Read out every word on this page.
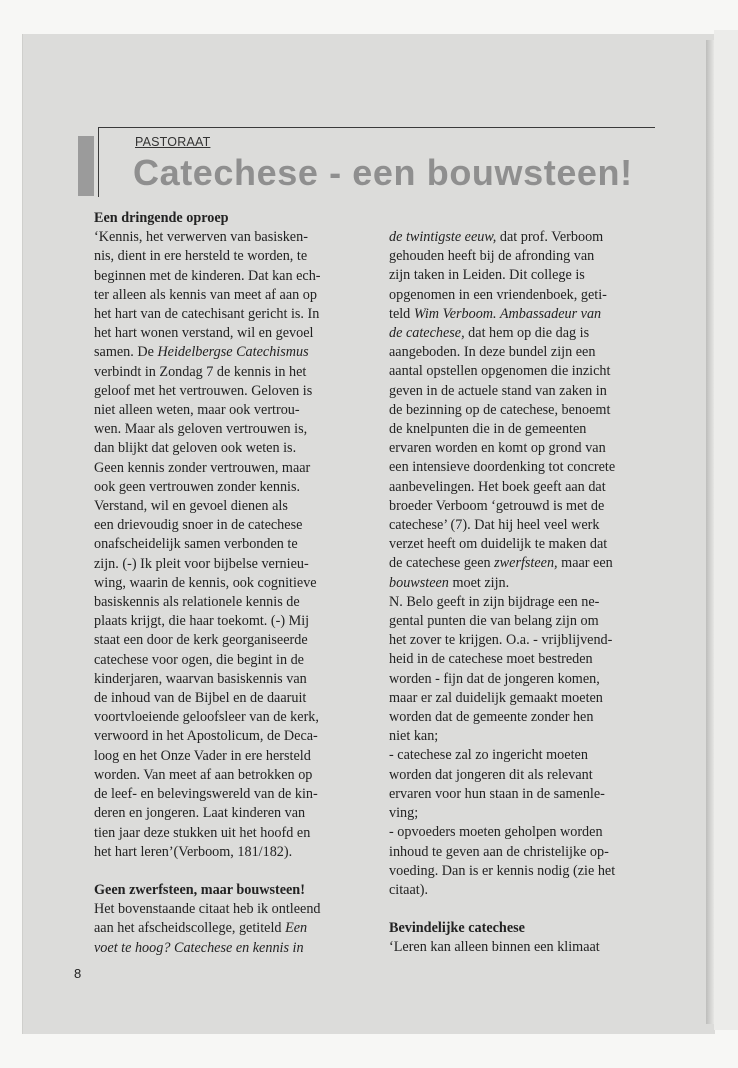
PASTORAAT
Catechese - een bouwsteen!
Een dringende oproep
‘Kennis, het verwerven van basisken-
nis, dient in ere hersteld te worden, te
beginnen met de kinderen. Dat kan ech-
ter alleen als kennis van meet af aan op
het hart van de catechisant gericht is. In
het hart wonen verstand, wil en gevoel
samen. De Heidelbergse Catechismus
verbindt in Zondag 7 de kennis in het
geloof met het vertrouwen. Geloven is
niet alleen weten, maar ook vertrou-
wen. Maar als geloven vertrouwen is,
dan blijkt dat geloven ook weten is.
Geen kennis zonder vertrouwen, maar
ook geen vertrouwen zonder kennis.
Verstand, wil en gevoel dienen als
een drievoudig snoer in de catechese
onafscheidelijk samen verbonden te
zijn. (-) Ik pleit voor bijbelse vernieu-
wing, waarin de kennis, ook cognitieve
basiskennis als relationele kennis de
plaats krijgt, die haar toekomt. (-) Mij
staat een door de kerk georganiseerde
catechese voor ogen, die begint in de
kinderjaren, waarvan basiskennis van
de inhoud van de Bijbel en de daaruit
voortvloeiende geloofsleer van de kerk,
verwoord in het Apostolicum, de Deca-
loog en het Onze Vader in ere hersteld
worden. Van meet af aan betrokken op
de leef- en belevingswereld van de kin-
deren en jongeren. Laat kinderen van
tien jaar deze stukken uit het hoofd en
het hart leren’(Verboom, 181/182).
Geen zwerfsteen, maar bouwsteen!
Het bovenstaande citaat heb ik ontleend
aan het afscheidscollege, getiteld Een
voet te hoog? Catechese en kennis in
de twintigste eeuw, dat prof. Verboom
gehouden heeft bij de afronding van
zijn taken in Leiden. Dit college is
opgenomen in een vriendenboek, geti-
teld Wim Verboom. Ambassadeur van
de catechese, dat hem op die dag is
aangeboden. In deze bundel zijn een
aantal opstellen opgenomen die inzicht
geven in de actuele stand van zaken in
de bezinning op de catechese, benoemt
de knelpunten die in de gemeenten
ervaren worden en komt op grond van
een intensieve doordenking tot concrete
aanbevelingen. Het boek geeft aan dat
broeder Verboom ‘getrouwd is met de
catechese’ (7). Dat hij heel veel werk
verzet heeft om duidelijk te maken dat
de catechese geen zwerfsteen, maar een
bouwsteen moet zijn.
N. Belo geeft in zijn bijdrage een ne-
gental punten die van belang zijn om
het zover te krijgen. O.a. - vrijblijvend-
heid in de catechese moet bestreden
worden - fijn dat de jongeren komen,
maar er zal duidelijk gemaakt moeten
worden dat de gemeente zonder hen
niet kan;
- catechese zal zo ingericht moeten
worden dat jongeren dit als relevant
ervaren voor hun staan in de samenle-
ving;
- opvoeders moeten geholpen worden
inhoud te geven aan de christelijke op-
voeding. Dan is er kennis nodig (zie het
citaat).
Bevindelijke catechese
‘Leren kan alleen binnen een klimaat
8
